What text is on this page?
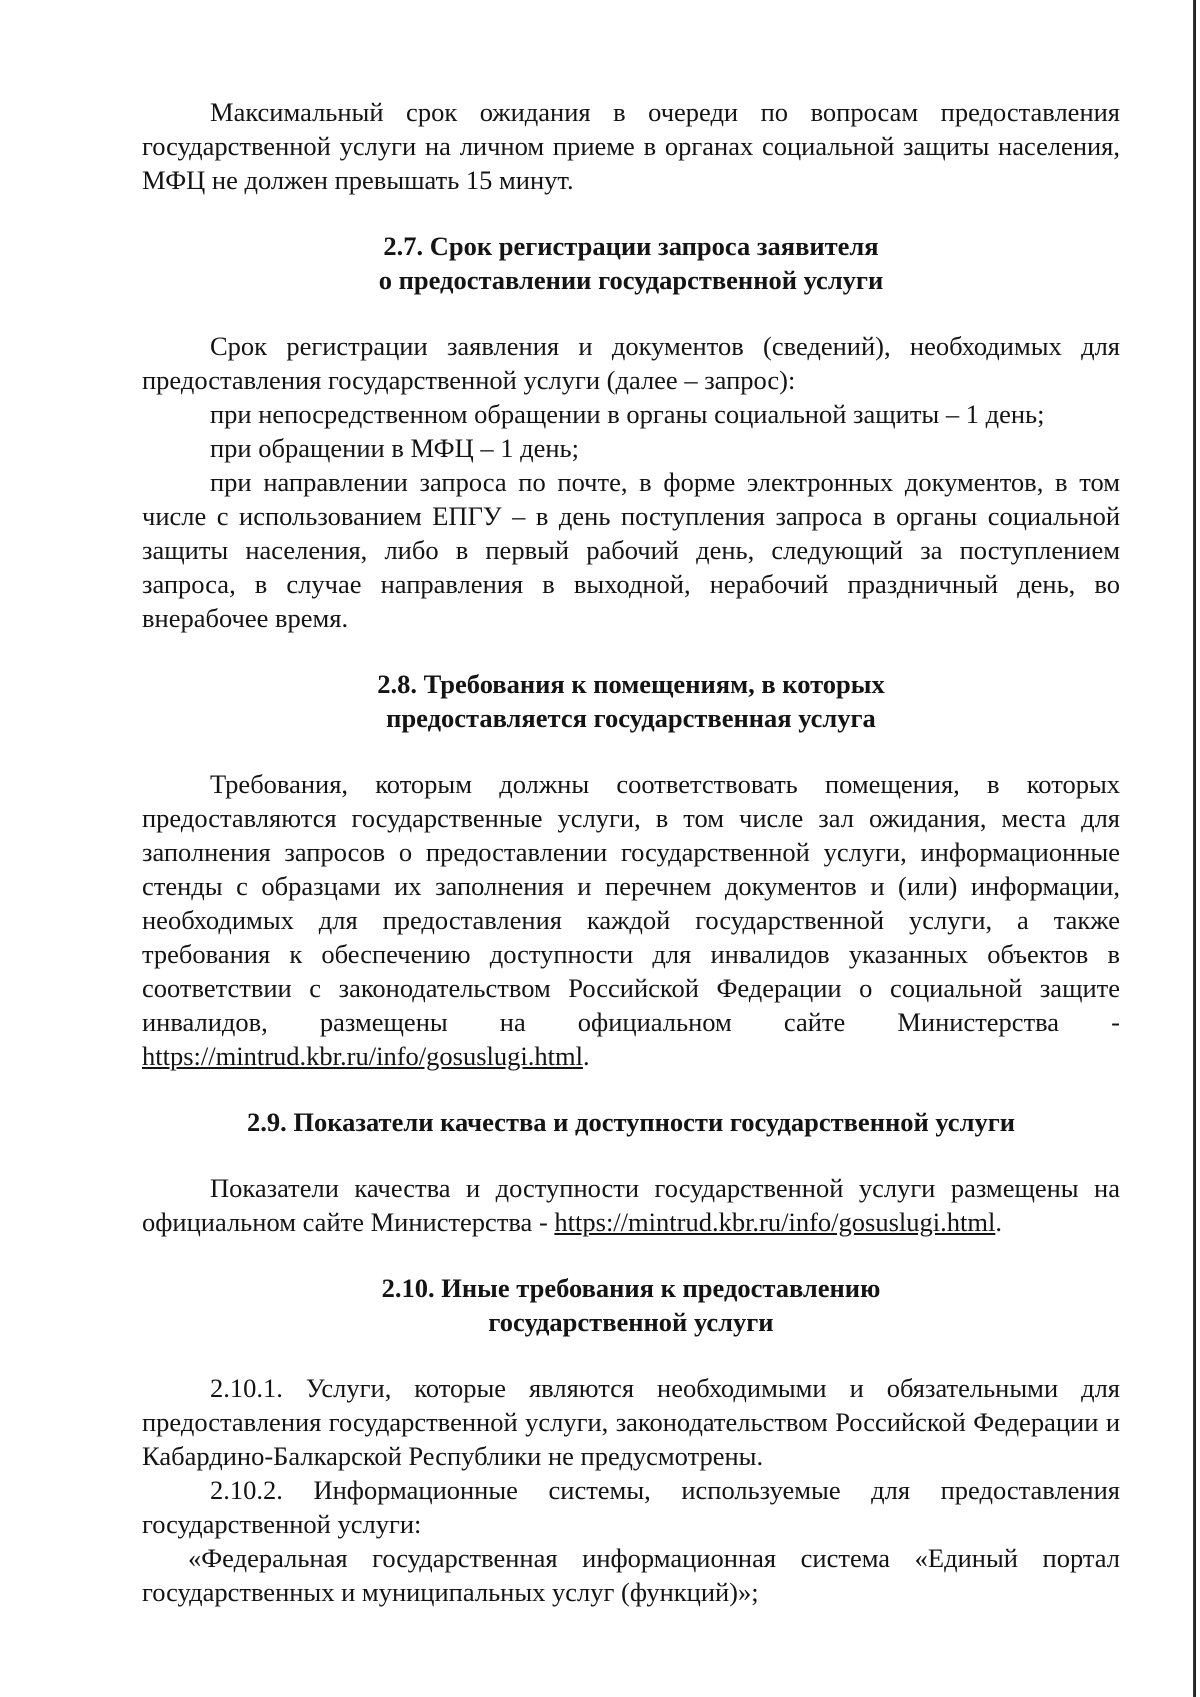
Максимальный срок ожидания в очереди по вопросам предоставления государственной услуги на личном приеме в органах социальной защиты населения, МФЦ не должен превышать 15 минут.

2.7. Срок регистрации запроса заявителя
о предоставлении государственной услуги

Срок регистрации заявления и документов (сведений), необходимых для предоставления государственной услуги (далее – запрос):

при непосредственном обращении в органы социальной защиты – 1 день;

при обращении в МФЦ – 1 день;

при направлении запроса по почте, в форме электронных документов, в том числе с использованием ЕПГУ – в день поступления запроса в органы социальной защиты населения, либо в первый рабочий день, следующий за поступлением запроса, в случае направления в выходной, нерабочий праздничный день, во внерабочее время.

2.8. Требования к помещениям, в которых
предоставляется государственная услуга

Требования, которым должны соответствовать помещения, в которых предоставляются государственные услуги, в том числе зал ожидания, места для заполнения запросов о предоставлении государственной услуги, информационные стенды с образцами их заполнения и перечнем документов и (или) информации, необходимых для предоставления каждой государственной услуги, а также требования к обеспечению доступности для инвалидов указанных объектов в соответствии с законодательством Российской Федерации о социальной защите инвалидов, размещены на официальном сайте Министерства - https://mintrud.kbr.ru/info/gosuslugi.html.

2.9. Показатели качества и доступности государственной услуги

Показатели качества и доступности государственной услуги размещены на официальном сайте Министерства - https://mintrud.kbr.ru/info/gosuslugi.html.

2.10. Иные требования к предоставлению
государственной услуги

2.10.1. Услуги, которые являются необходимыми и обязательными для предоставления государственной услуги, законодательством Российской Федерации и Кабардино-Балкарской Республики не предусмотрены.

2.10.2. Информационные системы, используемые для предоставления государственной услуги:

«Федеральная государственная информационная система «Единый портал государственных и муниципальных услуг (функций)»;
